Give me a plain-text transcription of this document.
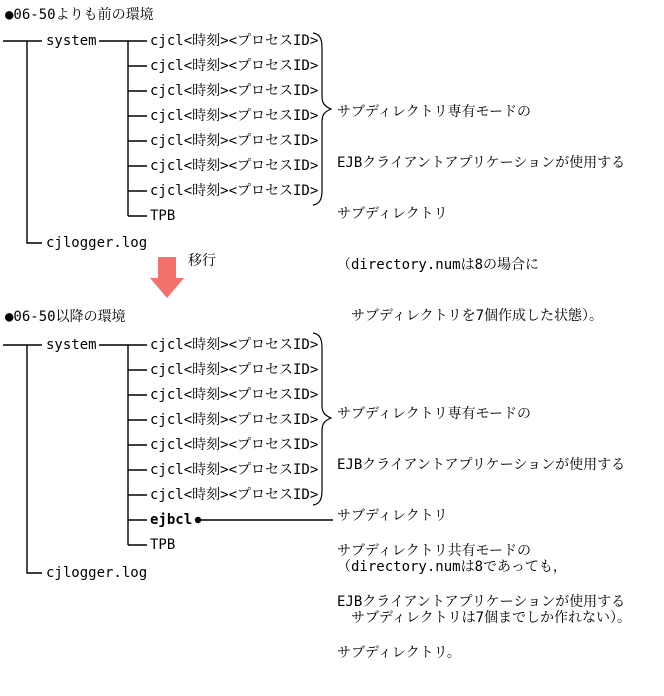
●06-50よりも前の環境
system	cjcl<時刻><プロセスID>
cjcl<時刻><プロセスID>
cjcl<時刻><プロセスID>
cjcl<時刻><プロセスID>
cjcl<時刻><プロセスID>
cjcl<時刻><プロセスID>
cjcl<時刻><プロセスID>
TPB
cjlogger.log

サブディレクトリ専有モードの

EJBクライアントアプリケーションが使用する

サブディレクトリ

（directory.numは8の場合に

　サブディレクトリを7個作成した状態）。

移行
●06-50以降の環境
system	cjcl<時刻><プロセスID>
cjcl<時刻><プロセスID>
cjcl<時刻><プロセスID>
cjcl<時刻><プロセスID>
cjcl<時刻><プロセスID>
cjcl<時刻><プロセスID>
cjcl<時刻><プロセスID>
ejbcl
TPB
cjlogger.log

サブディレクトリ専有モードの

EJBクライアントアプリケーションが使用する

サブディレクトリ

（directory.numは8であっても，

　サブディレクトリは7個までしか作れない）。

サブディレクトリ共有モードの

EJBクライアントアプリケーションが使用する

サブディレクトリ。
